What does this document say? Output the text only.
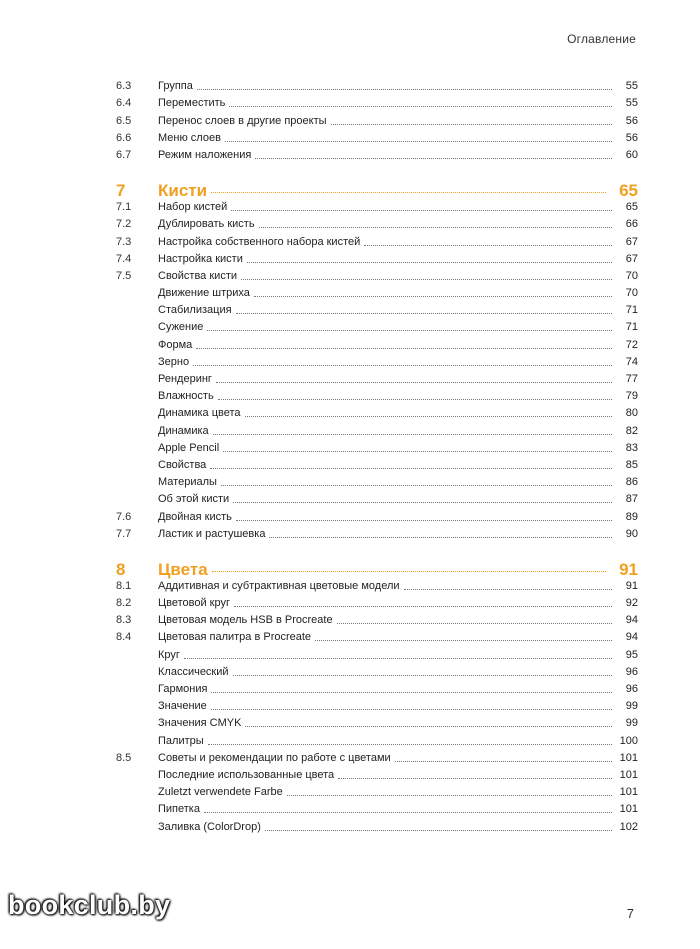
Оглавление
6.3	Группа	55
6.4	Переместить	55
6.5	Перенос слоев в другие проекты	56
6.6	Меню слоев	56
6.7	Режим наложения	60
7	Кисти	65
7.1	Набор кистей	65
7.2	Дублировать кисть	66
7.3	Настройка собственного набора кистей	67
7.4	Настройка кисти	67
7.5	Свойства кисти	70
Движение штриха	70
Стабилизация	71
Сужение	71
Форма	72
Зерно	74
Рендеринг	77
Влажность	79
Динамика цвета	80
Динамика	82
Apple Pencil	83
Свойства	85
Материалы	86
Об этой кисти	87
7.6	Двойная кисть	89
7.7	Ластик и растушевка	90
8	Цвета	91
8.1	Аддитивная и субтрактивная цветовые модели	91
8.2	Цветовой круг	92
8.3	Цветовая модель HSB в Procreate	94
8.4	Цветовая палитра в Procreate	94
Круг	95
Классический	96
Гармония	96
Значение	99
Значения CMYK	99
Палитры	100
8.5	Советы и рекомендации по работе с цветами	101
Последние использованные цвета	101
Zuletzt verwendete Farbe	101
Пипетка	101
Заливка (ColorDrop)	102
bookclub.by	7
